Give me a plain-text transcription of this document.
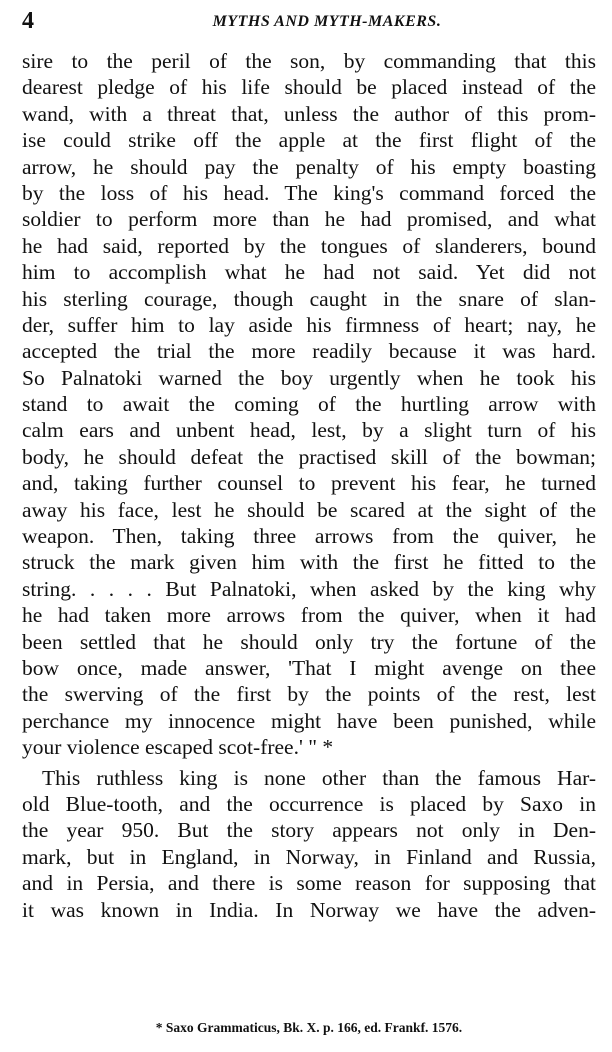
4	MYTHS AND MYTH-MAKERS.
sire to the peril of the son, by commanding that this
dearest pledge of his life should be placed instead of the
wand, with a threat that, unless the author of this prom-
ise could strike off the apple at the first flight of the
arrow, he should pay the penalty of his empty boasting
by the loss of his head. The king's command forced the
soldier to perform more than he had promised, and what
he had said, reported by the tongues of slanderers, bound
him to accomplish what he had not said. Yet did not
his sterling courage, though caught in the snare of slan-
der, suffer him to lay aside his firmness of heart; nay, he
accepted the trial the more readily because it was hard.
So Palnatoki warned the boy urgently when he took his
stand to await the coming of the hurtling arrow with
calm ears and unbent head, lest, by a slight turn of his
body, he should defeat the practised skill of the bowman;
and, taking further counsel to prevent his fear, he turned
away his face, lest he should be scared at the sight of the
weapon. Then, taking three arrows from the quiver, he
struck the mark given him with the first he fitted to the
string. . . . . But Palnatoki, when asked by the king why
he had taken more arrows from the quiver, when it had
been settled that he should only try the fortune of the
bow once, made answer, 'That I might avenge on thee
the swerving of the first by the points of the rest, lest
perchance my innocence might have been punished, while
your violence escaped scot-free.' " *
This ruthless king is none other than the famous Har-
old Blue-tooth, and the occurrence is placed by Saxo in
the year 950. But the story appears not only in Den-
mark, but in England, in Norway, in Finland and Russia,
and in Persia, and there is some reason for supposing that
it was known in India. In Norway we have the adven-
* Saxo Grammaticus, Bk. X. p. 166, ed. Frankf. 1576.
